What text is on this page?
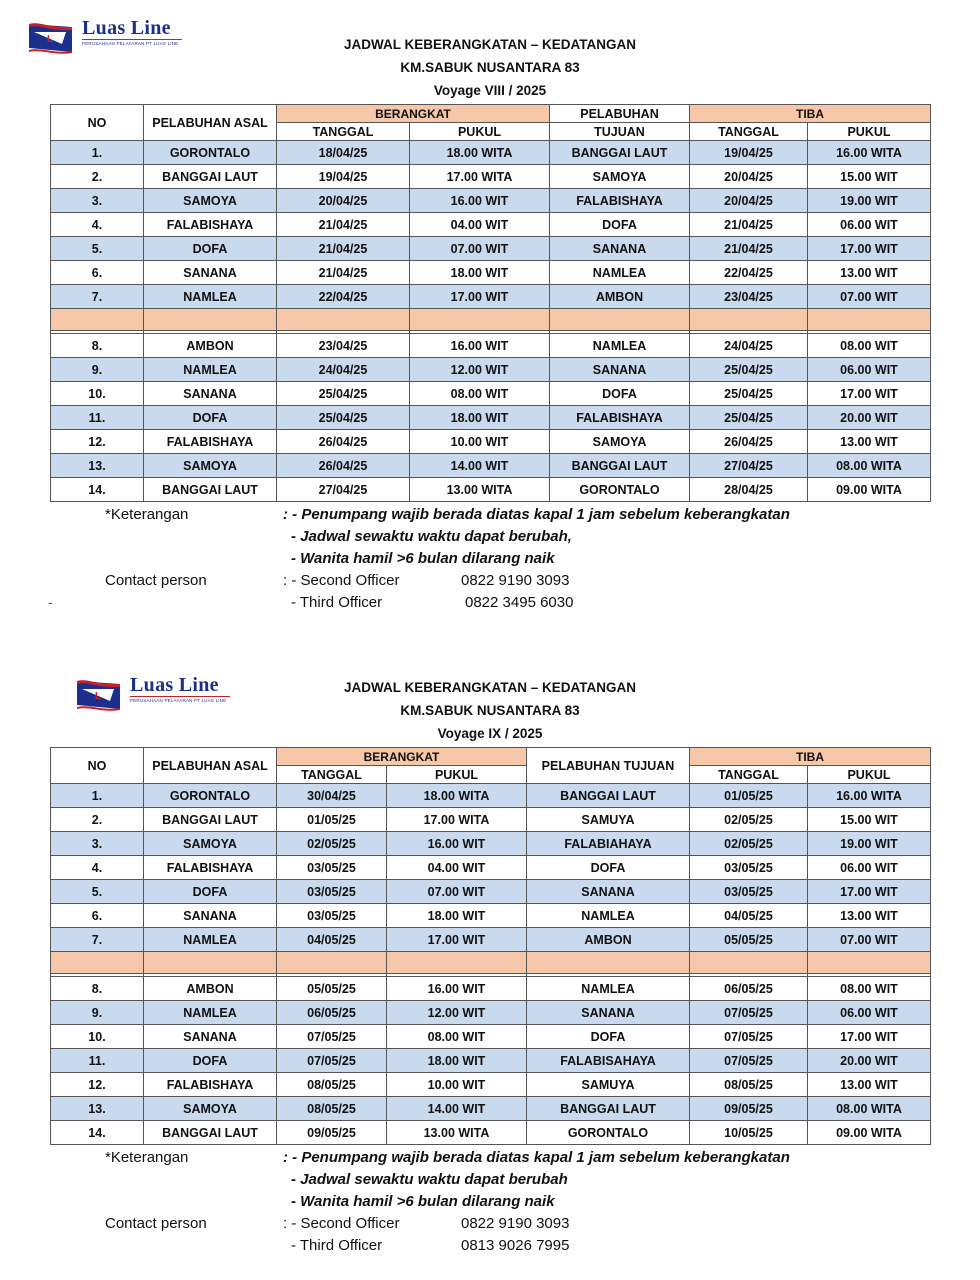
L
Luas Line
PERUSAHAAN PELAYARAN PT LUAS LINE	JADWAL KEBERANGKATAN – KEDATANGAN
KM.SABUK NUSANTARA 83
Voyage VIII / 2025
NO	PELABUHAN ASAL	BERANGKAT		PELABUHAN	TIBA	
		TANGGAL	PUKUL	TUJUAN	TANGGAL	PUKUL
1.	GORONTALO	18/04/25	18.00 WITA	BANGGAI LAUT	19/04/25	16.00 WITA
2.	BANGGAI LAUT	19/04/25	17.00 WITA	SAMOYA	20/04/25	15.00 WIT
3.	SAMOYA	20/04/25	16.00 WIT	FALABISHAYA	20/04/25	19.00 WIT
4.	FALABISHAYA	21/04/25	04.00 WIT	DOFA	21/04/25	06.00 WIT
5.	DOFA	21/04/25	07.00 WIT	SANANA	21/04/25	17.00 WIT
6.	SANANA	21/04/25	18.00 WIT	NAMLEA	22/04/25	13.00 WIT
7.	NAMLEA	22/04/25	17.00 WIT	AMBON	23/04/25	07.00 WIT

8.	AMBON	23/04/25	16.00 WIT	NAMLEA	24/04/25	08.00 WIT
9.	NAMLEA	24/04/25	12.00 WIT	SANANA	25/04/25	06.00 WIT
10.	SANANA	25/04/25	08.00 WIT	DOFA	25/04/25	17.00 WIT
11.	DOFA	25/04/25	18.00 WIT	FALABISHAYA	25/04/25	20.00 WIT
12.	FALABISHAYA	26/04/25	10.00 WIT	SAMOYA	26/04/25	13.00 WIT
13.	SAMOYA	26/04/25	14.00 WIT	BANGGAI LAUT	27/04/25	08.00 WITA
14.	BANGGAI LAUT	27/04/25	13.00 WITA	GORONTALO	28/04/25	09.00 WITA
*Keterangan	: - Penumpang wajib berada diatas kapal 1 jam sebelum keberangkatan
- Jadwal sewaktu waktu dapat berubah,
- Wanita hamil >6 bulan dilarang naik
Contact person	: - Second Officer	0822 9190 3093
- Third Officer	0822 3495 6030
-
L
Luas Line
PERUSAHAAN PELAYARAN PT LUAS LINE
JADWAL KEBERANGKATAN – KEDATANGAN
KM.SABUK NUSANTARA 83
Voyage IX / 2025
NO	PELABUHAN ASAL	BERANGKAT		PELABUHAN TUJUAN	TIBA	
		TANGGAL	PUKUL		TANGGAL	PUKUL
1.	GORONTALO	30/04/25	18.00 WITA	BANGGAI LAUT	01/05/25	16.00 WITA
2.	BANGGAI LAUT	01/05/25	17.00 WITA	SAMUYA	02/05/25	15.00 WIT
3.	SAMOYA	02/05/25	16.00 WIT	FALABIAHAYA	02/05/25	19.00 WIT
4.	FALABISHAYA	03/05/25	04.00 WIT	DOFA	03/05/25	06.00 WIT
5.	DOFA	03/05/25	07.00 WIT	SANANA	03/05/25	17.00 WIT
6.	SANANA	03/05/25	18.00 WIT	NAMLEA	04/05/25	13.00 WIT
7.	NAMLEA	04/05/25	17.00 WIT	AMBON	05/05/25	07.00 WIT

8.	AMBON	05/05/25	16.00 WIT	NAMLEA	06/05/25	08.00 WIT
9.	NAMLEA	06/05/25	12.00 WIT	SANANA	07/05/25	06.00 WIT
10.	SANANA	07/05/25	08.00 WIT	DOFA	07/05/25	17.00 WIT
11.	DOFA	07/05/25	18.00 WIT	FALABISAHAYA	07/05/25	20.00 WIT
12.	FALABISHAYA	08/05/25	10.00 WIT	SAMUYA	08/05/25	13.00 WIT
13.	SAMOYA	08/05/25	14.00 WIT	BANGGAI LAUT	09/05/25	08.00 WITA
14.	BANGGAI LAUT	09/05/25	13.00 WITA	GORONTALO	10/05/25	09.00 WITA
*Keterangan	: - Penumpang wajib berada diatas kapal 1 jam sebelum keberangkatan
- Jadwal sewaktu waktu dapat berubah
- Wanita hamil >6 bulan dilarang naik
Contact person	: - Second Officer	0822 9190 3093
- Third Officer	0813 9026 7995
